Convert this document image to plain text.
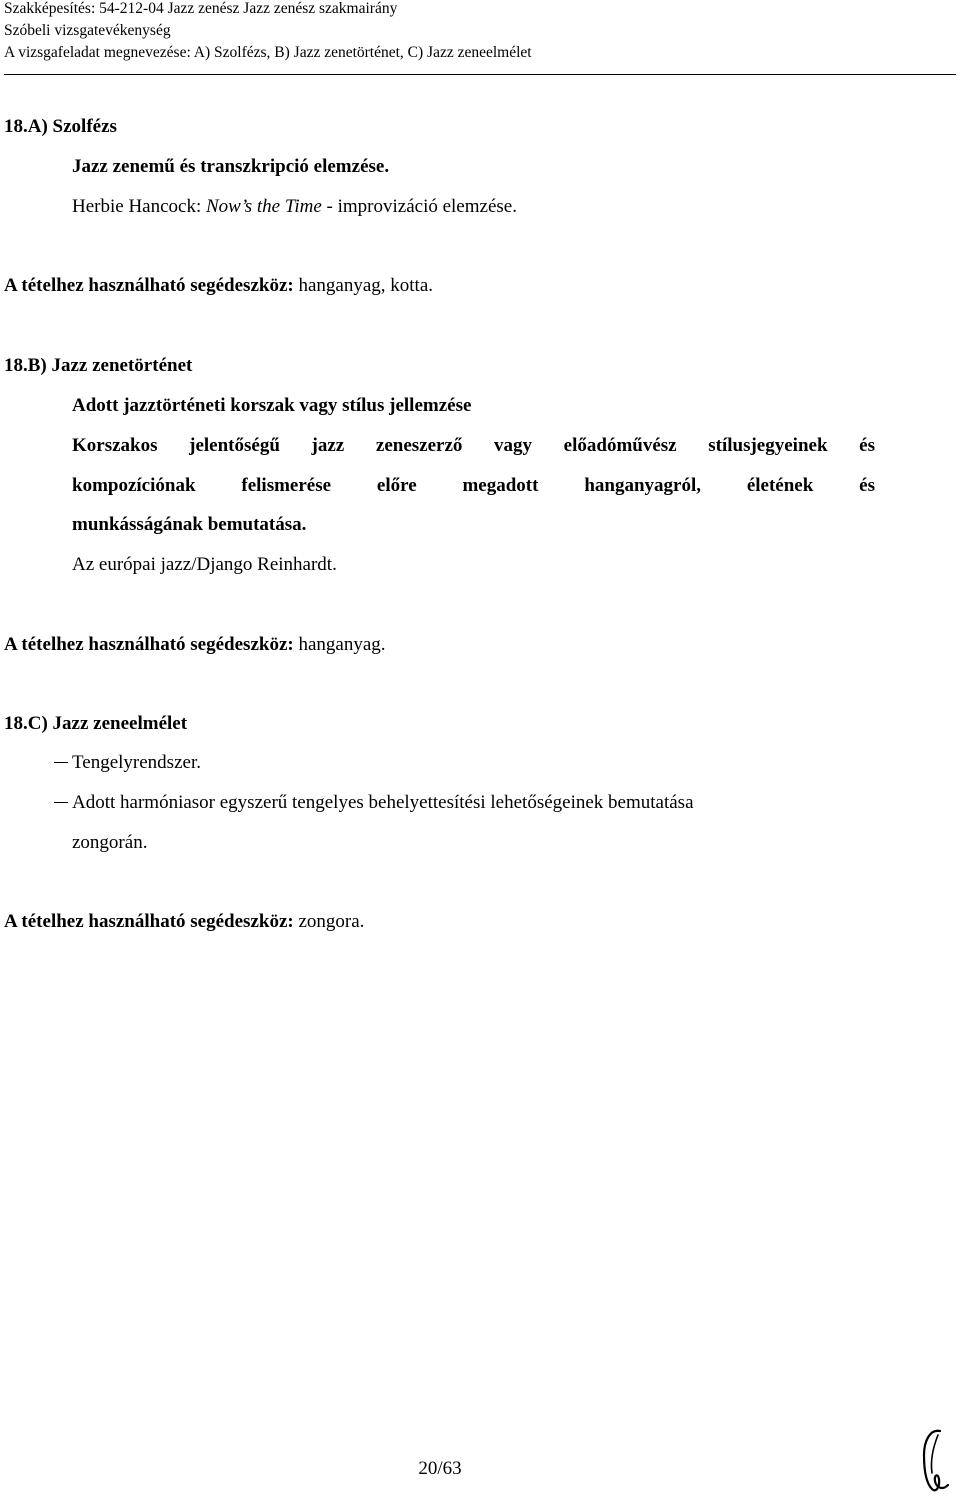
Szakképesítés: 54-212-04 Jazz zenész Jazz zenész szakmairány
Szóbeli vizsgatevékenység
A vizsgafeladat megnevezése: A) Szolfézs, B) Jazz zenetörténet, C) Jazz zeneelmélet
18.A) Szolfézs
Jazz zenemű és transzkripció elemzése.
Herbie Hancock: Now’s the Time - improvizáció elemzése.
A tételhez használható segédeszköz: hanganyag, kotta.
18.B) Jazz zenetörténet
Adott jazztörténeti korszak vagy stílus jellemzése
Korszakos jelentőségű jazz zeneszerző vagy előadóművész stílusjegyeinek és
kompozíciónak felismerése előre megadott hanganyagról, életének és
munkásságának bemutatása.
Az európai jazz/Django Reinhardt.
A tételhez használható segédeszköz: hanganyag.
18.C) Jazz zeneelmélet
Tengelyrendszer.
Adott harmóniasor egyszerű tengelyes behelyettesítési lehetőségeinek bemutatása
zongorán.
A tételhez használható segédeszköz: zongora.
20/63
